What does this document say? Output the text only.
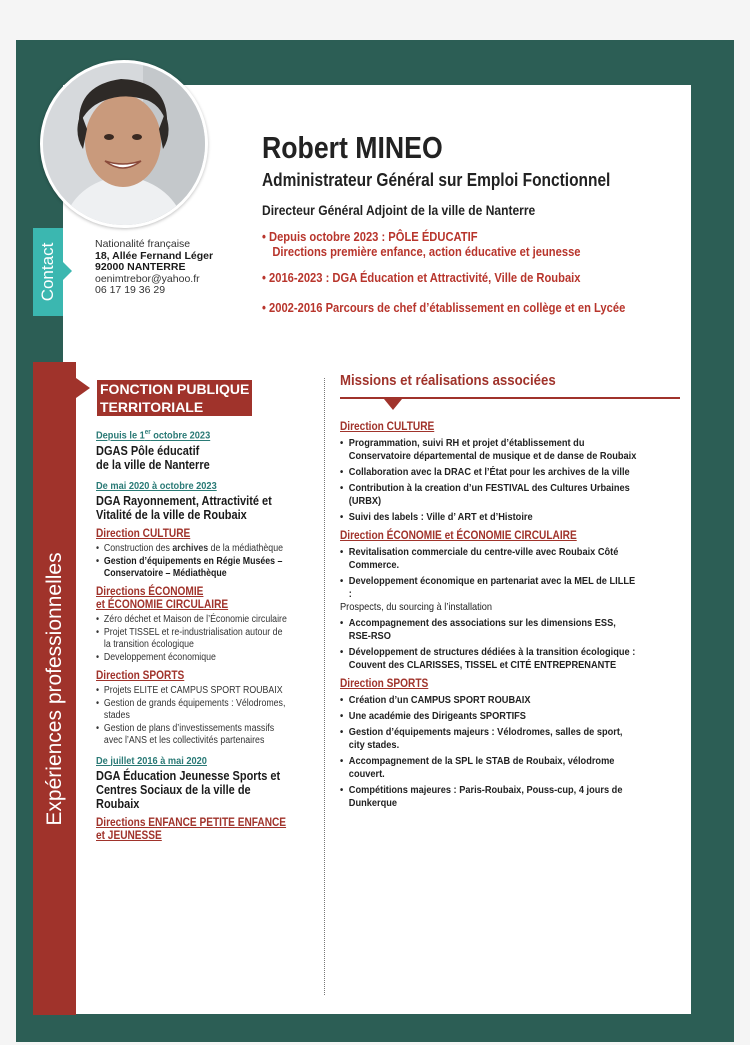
Contact	Nationalité française
18, Allée Fernand Léger
92000 NANTERRE
oenimtrebor@yahoo.fr
06 17 19 36 29
Robert MINEO
Administrateur Général sur Emploi Fonctionnel
Directeur Général Adjoint de la ville de Nanterre
• Depuis octobre 2023 : PÔLE ÉDUCATIF
Directions première enfance, action éducative et jeunesse
• 2016-2023 : DGA Éducation et Attractivité, Ville de Roubaix
• 2002-2016 Parcours de chef d’établissement en collège et en Lycée
Expériences professionnelles
FONCTION PUBLIQUE
TERRITORIALE
Depuis le 1er octobre 2023
DGAS Pôle éducatif
de la ville de Nanterre
De mai 2020 à octobre 2023
DGA Rayonnement, Attractivité et Vitalité de la ville de Roubaix
Direction CULTURE
• Construction des archives de la médiathèque
• Gestion d’équipements en Régie Musées – Conservatoire – Médiathèque
Directions ÉCONOMIE
et ÉCONOMIE CIRCULAIRE
• Zéro déchet et Maison de l’Économie circulaire
• Projet TISSEL et re-industrialisation autour de la transition écologique
• Developpement économique
Direction SPORTS
• Projets ELITE et CAMPUS SPORT ROUBAIX
• Gestion de grands équipements : Vélodromes, stades
• Gestion de plans d’investissements massifs avec l’ANS et les collectivités partenaires
De juillet 2016 à mai 2020
DGA Éducation Jeunesse Sports et Centres Sociaux de la ville de Roubaix
Directions ENFANCE PETITE ENFANCE
et JEUNESSE
Missions et réalisations associées
Direction CULTURE
• Programmation, suivi RH et projet d’établissement du Conservatoire départemental de musique et de danse de Roubaix
• Collaboration avec la DRAC et l’État pour les archives de la ville
• Contribution à la creation d’un FESTIVAL des Cultures Urbaines (URBX)
• Suivi des labels : Ville d’ ART et d’Histoire
Direction ÉCONOMIE et ÉCONOMIE CIRCULAIRE
• Revitalisation commerciale du centre-ville avec Roubaix Côté Commerce.
• Developpement économique en partenariat avec la MEL de LILLE :
Prospects, du sourcing à l’installation
• Accompagnement des associations sur les dimensions ESS, RSE-RSO
• Développement de structures dédiées à la transition écologique : Couvent des CLARISSES, TISSEL et CITÉ ENTREPRENANTE
Direction SPORTS
• Création d’un CAMPUS SPORT ROUBAIX
• Une académie des Dirigeants SPORTIFS
• Gestion d’équipements majeurs : Vélodromes, salles de sport, city stades.
• Accompagnement de la SPL le STAB de Roubaix, vélodrome couvert.
• Compétitions majeures : Paris-Roubaix, Pouss-cup, 4 jours de Dunkerque
